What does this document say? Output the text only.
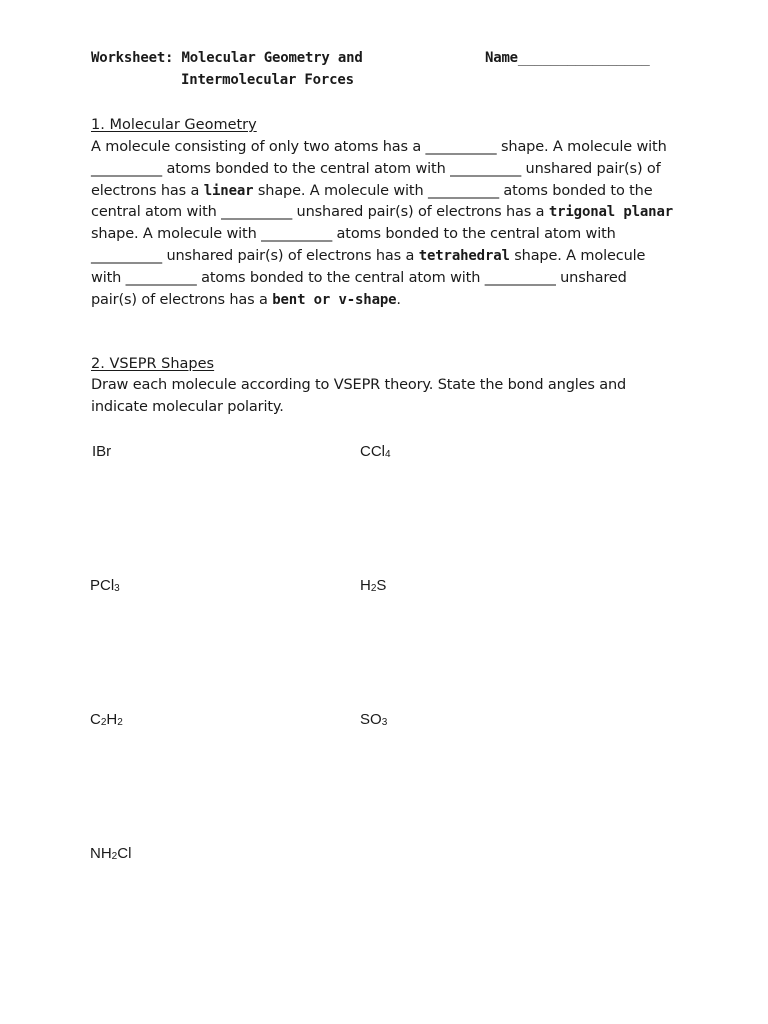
Worksheet: Molecular Geometry and
Intermolecular Forces
Name________________
1. Molecular Geometry
A molecule consisting of only two atoms has a __________ shape. A molecule with
__________ atoms bonded to the central atom with __________ unshared pair(s) of
electrons has a linear shape. A molecule with __________ atoms bonded to the
central atom with __________ unshared pair(s) of electrons has a trigonal planar
shape. A molecule with __________ atoms bonded to the central atom with
__________ unshared pair(s) of electrons has a tetrahedral shape. A molecule
with __________ atoms bonded to the central atom with __________ unshared
pair(s) of electrons has a bent or v-shape.
2. VSEPR Shapes
Draw each molecule according to VSEPR theory. State the bond angles and
indicate molecular polarity.
IBr	CCl$_4$
PCl$_3$	$H_2S$
$C_2H_2$	$SO_3$
$NH_2Cl$
